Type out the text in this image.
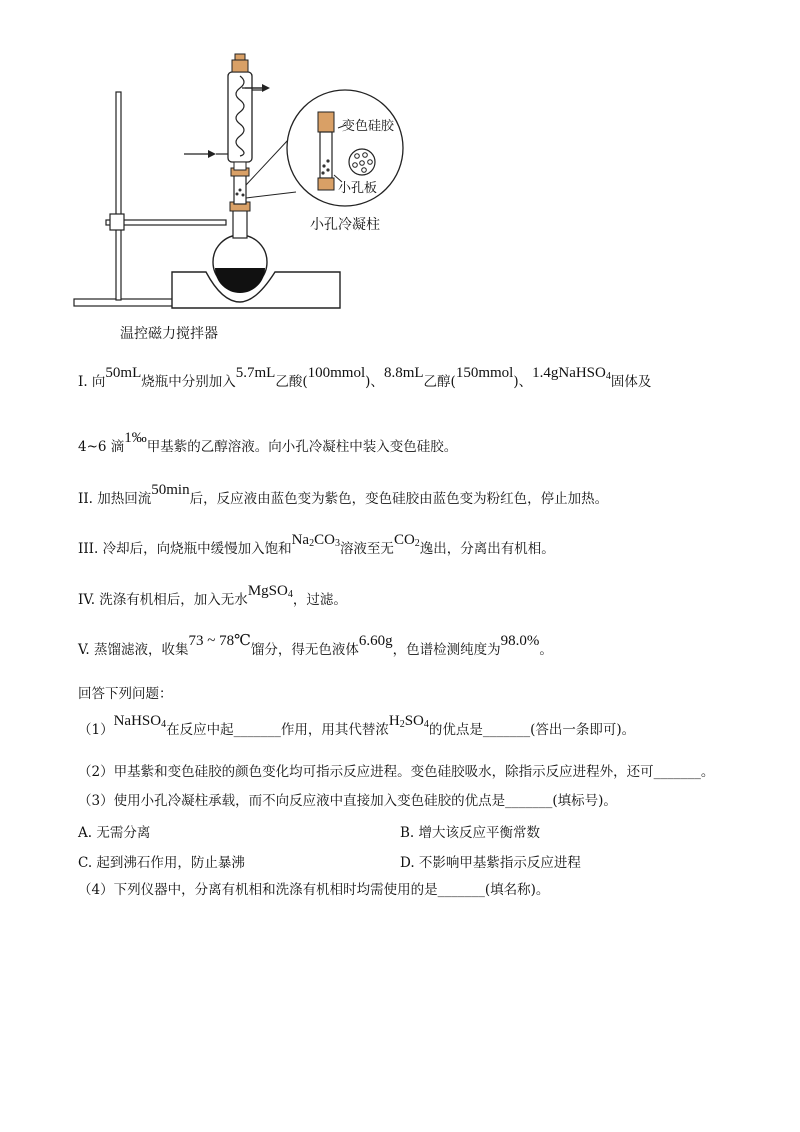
变色硅胶
小孔板
小孔冷凝柱
温控磁力搅拌器
I. 向50mL烧瓶中分别加入5.7mL乙酸(100mmol)、8.8mL乙醇(150mmol)、1.4gNaHSO$_4$固体及
4~6 滴1‰甲基紫的乙醇溶液。向小孔冷凝柱中装入变色硅胶。
II. 加热回流50min后，反应液由蓝色变为紫色，变色硅胶由蓝色变为粉红色，停止加热。
III. 冷却后，向烧瓶中缓慢加入饱和$Na_2CO_3$溶液至无$CO_2$逸出，分离出有机相。
IV. 洗涤有机相后，加入无水MgSO$_4$，过滤。
V. 蒸馏滤液，收集73 ~ 78℃馏分，得无色液体6.60g，色谱检测纯度为98.0%。
回答下列问题：
（1）NaHSO$_4$在反应中起_______作用，用其代替浓$H_2SO_4$的优点是_______(答出一条即可)。
（2）甲基紫和变色硅胶的颜色变化均可指示反应进程。变色硅胶吸水，除指示反应进程外，还可_______。
（3）使用小孔冷凝柱承载，而不向反应液中直接加入变色硅胶的优点是_______(填标号)。
A. 无需分离	B. 增大该反应平衡常数
C. 起到沸石作用，防止暴沸	D. 不影响甲基紫指示反应进程
（4）下列仪器中，分离有机相和洗涤有机相时均需使用的是_______(填名称)。
